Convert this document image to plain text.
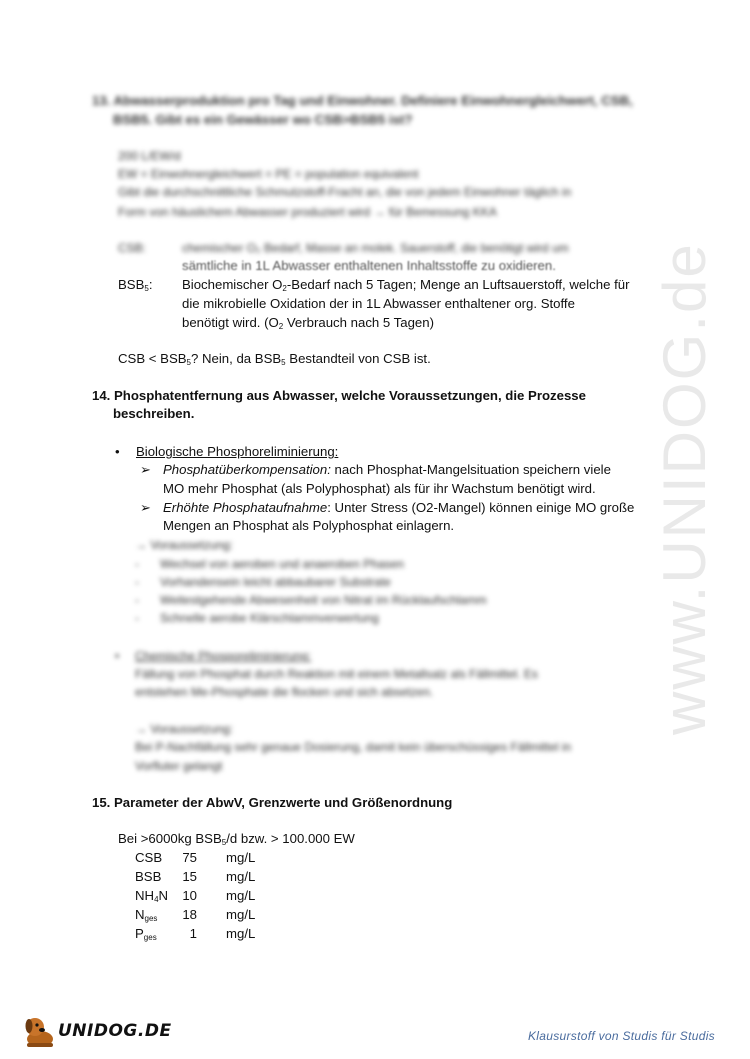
www.UNIDOG.de
13. Abwasserproduktion pro Tag und Einwohner. Definiere Einwohnergleichwert, CSB,
BSB5. Gibt es ein Gewässer wo CSB>BSB5 ist?
200 L/EW/d
EW = Einwohnergleichwert = PE = population equivalent
Gibt die durchschnittliche Schmutzstoff-Fracht an, die von jedem Einwohner täglich in
Form von häuslichem Abwasser produziert wird → für Bemessung KKA
CSB:	chemischer O₂ Bedarf, Masse an molek. Sauerstoff, die benötigt wird um
sämtliche in 1L Abwasser enthaltenen Inhaltsstoffe zu oxidieren.
$BSB_5$: Biochemischer $O_2$-Bedarf nach 5 Tagen; Menge an Luftsauerstoff, welche für
die mikrobielle Oxidation der in 1L Abwasser enthaltener org. Stoffe
benötigt wird. ($O_2$ Verbrauch nach 5 Tagen)
CSB < $BSB_5$? Nein, da $BSB_5$ Bestandteil von CSB ist.
14. Phosphatentfernung aus Abwasser, welche Voraussetzungen, die Prozesse
beschreiben.
• Biologische Phosphoreliminierung:
➢ Phosphatüberkompensation: nach Phosphat-Mangelsituation speichern viele
MO mehr Phosphat (als Polyphosphat) als für ihr Wachstum benötigt wird.
➢ Erhöhte Phosphataufnahme: Unter Stress (O2-Mangel) können einige MO große
Mengen an Phosphat als Polyphosphat einlagern.
→ Voraussetzung:
- Wechsel von aeroben und anaeroben Phasen
- Vorhandensein leicht abbaubarer Substrate
- Weitestgehende Abwesenheit von Nitrat im Rücklaufschlamm
- Schnelle aerobe Klärschlammverwertung
• Chemische Phosporeliminierung:
Fällung von Phosphat durch Reaktion mit einem Metallsalz als Fällmittel. Es
entstehen Me-Phosphate die flocken und sich absetzen.
→ Voraussetzung:
Bei P-Nachfällung sehr genaue Dosierung, damit kein überschüssiges Fällmittel in
Vorfluter gelangt
15. Parameter der AbwV, Grenzwerte und Größenordnung
Bei >6000kg $BSB_5/d$ bzw. > 100.000 EW
CSB 75 mg/L
BSB 15 mg/L
$NH_4N$ 10 mg/L
$N_{ges}$ 18 mg/L
$P_{ges}$	1 mg/L
UNIDOG.DE	Klausurstoff von Studis für Studis
